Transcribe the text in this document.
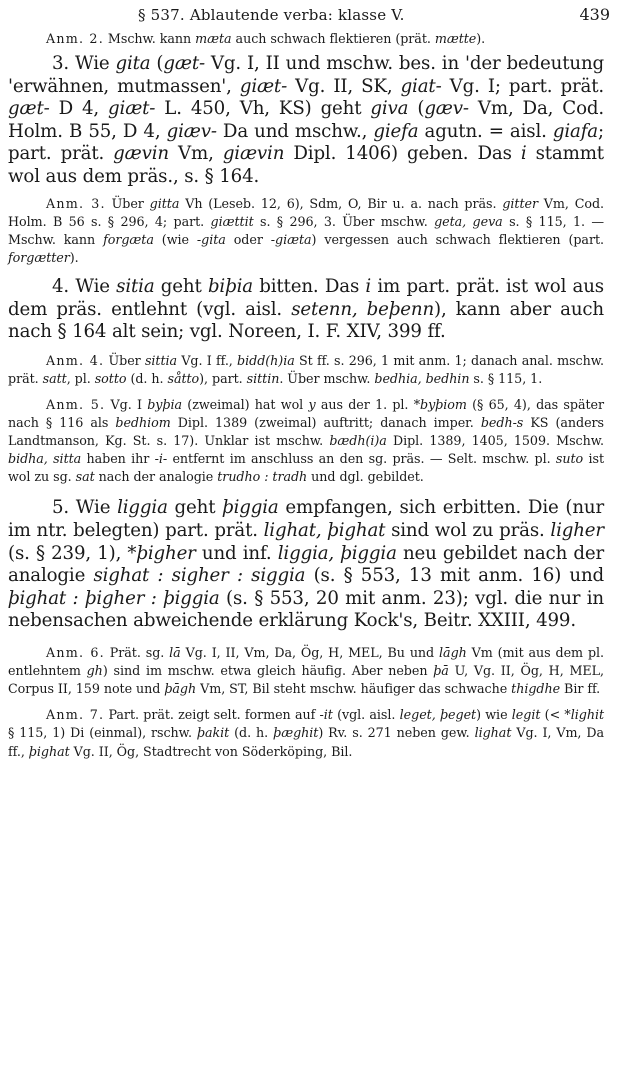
§ 537. Ablautende verba: klasse V.	439

Anm. 2. Mschw. kann mæta auch schwach flektieren (prät. mætte).

3. Wie gita (gæt- Vg. I, II und mschw. bes. in 'der bedeutung 'erwähnen, mutmassen', giæt- Vg. II, SK, giat- Vg. I; part. prät. gæt- D 4, giæt- L. 450, Vh, KS) geht giva (gæv- Vm, Da, Cod. Holm. B 55, D 4, giæv- Da und mschw., giefa agutn. = aisl. giafa; part. prät. gævin Vm, giævin Dipl. 1406) geben. Das i stammt wol aus dem präs., s. § 164.

Anm. 3. Über gitta Vh (Leseb. 12, 6), Sdm, O, Bir u. a. nach präs. gitter Vm, Cod. Holm. B 56 s. § 296, 4; part. giættit s. § 296, 3. Über mschw. geta, geva s. § 115, 1. — Mschw. kann forgæta (wie -gita oder -giæta) vergessen auch schwach flektieren (part. forgætter).

4. Wie sitia geht biþia bitten. Das i im part. prät. ist wol aus dem präs. entlehnt (vgl. aisl. setenn, beþenn), kann aber auch nach § 164 alt sein; vgl. Noreen, I. F. XIV, 399 ff.

Anm. 4. Über sittia Vg. I ff., bidd(h)ia St ff. s. 296, 1 mit anm. 1; danach anal. mschw. prät. satt, pl. sotto (d. h. såtto), part. sittin. Über mschw. bedhia, bedhin s. § 115, 1.

Anm. 5. Vg. I byþia (zweimal) hat wol y aus der 1. pl. *byþiom (§ 65, 4), das später nach § 116 als bedhiom Dipl. 1389 (zweimal) auftritt; danach imper. bedh-s KS (anders Landtmanson, Kg. St. s. 17). Unklar ist mschw. bædh(i)a Dipl. 1389, 1405, 1509. Mschw. bidha, sitta haben ihr -i- entfernt im anschluss an den sg. präs. — Selt. mschw. pl. suto ist wol zu sg. sat nach der analogie trudho : tradh und dgl. gebildet.

5. Wie liggia geht þiggia empfangen, sich erbitten. Die (nur im ntr. belegten) part. prät. lighat, þighat sind wol zu präs. ligher (s. § 239, 1), *þigher und inf. liggia, þiggia neu gebildet nach der analogie sighat : sigher : siggia (s. § 553, 13 mit anm. 16) und þighat : þigher : þiggia (s. § 553, 20 mit anm. 23); vgl. die nur in nebensachen abweichende erklärung Kock's, Beitr. XXIII, 499.

Anm. 6. Prät. sg. lā Vg. I, II, Vm, Da, Ög, H, MEL, Bu und lāgh Vm (mit aus dem pl. entlehntem gh) sind im mschw. etwa gleich häufig. Aber neben þā U, Vg. II, Ög, H, MEL, Corpus II, 159 note und þāgh Vm, ST, Bil steht mschw. häufiger das schwache thigdhe Bir ff.

Anm. 7. Part. prät. zeigt selt. formen auf -it (vgl. aisl. leget, þeget) wie legit (< *lighit § 115, 1) Di (einmal), rschw. þakit (d. h. þæghit) Rv. s. 271 neben gew. lighat Vg. I, Vm, Da ff., þighat Vg. II, Ög, Stadtrecht von Söderköping, Bil.
